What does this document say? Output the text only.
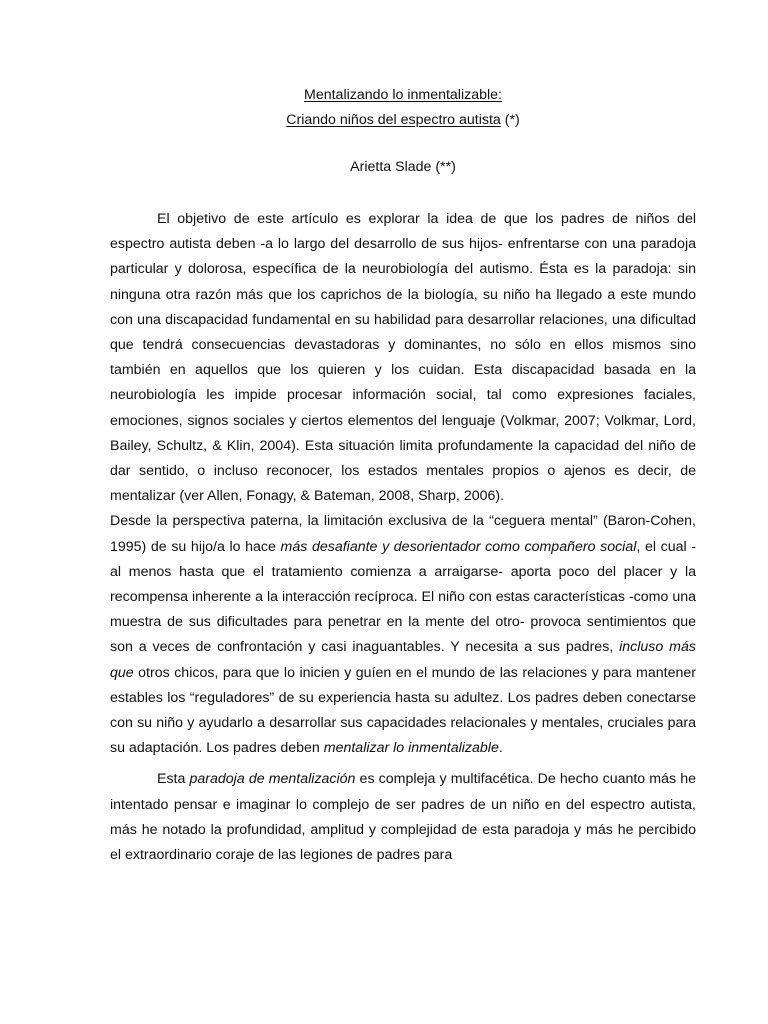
Mentalizando lo inmentalizable:
Criando niños del espectro autista (*)
Arietta Slade (**)

El objetivo de este artículo es explorar la idea de que los padres de niños del espectro autista deben -a lo largo del desarrollo de sus hijos- enfrentarse con una paradoja particular y dolorosa, específica de la neurobiología del autismo. Ésta es la paradoja: sin ninguna otra razón más que los caprichos de la biología, su niño ha llegado a este mundo con una discapacidad fundamental en su habilidad para desarrollar relaciones, una dificultad que tendrá consecuencias devastadoras y dominantes, no sólo en ellos mismos sino también en aquellos que los quieren y los cuidan. Esta discapacidad basada en la neurobiología les impide procesar información social, tal como expresiones faciales, emociones, signos sociales y ciertos elementos del lenguaje (Volkmar, 2007; Volkmar, Lord, Bailey, Schultz, & Klin, 2004). Esta situación limita profundamente la capacidad del niño de dar sentido, o incluso reconocer, los estados mentales propios o ajenos es decir, de mentalizar (ver Allen, Fonagy, & Bateman, 2008, Sharp, 2006).

Desde la perspectiva paterna, la limitación exclusiva de la “ceguera mental” (Baron-Cohen, 1995) de su hijo/a lo hace más desafiante y desorientador como compañero social, el cual -al menos hasta que el tratamiento comienza a arraigarse- aporta poco del placer y la recompensa inherente a la interacción recíproca. El niño con estas características -como una muestra de sus dificultades para penetrar en la mente del otro- provoca sentimientos que son a veces de confrontación y casi inaguantables. Y necesita a sus padres, incluso más que otros chicos, para que lo inicien y guíen en el mundo de las relaciones y para mantener estables los “reguladores” de su experiencia hasta su adultez. Los padres deben conectarse con su niño y ayudarlo a desarrollar sus capacidades relacionales y mentales, cruciales para su adaptación. Los padres deben mentalizar lo inmentalizable.

Esta paradoja de mentalización es compleja y multifacética. De hecho cuanto más he intentado pensar e imaginar lo complejo de ser padres de un niño en del espectro autista, más he notado la profundidad, amplitud y complejidad de esta paradoja y más he percibido el extraordinario coraje de las legiones de padres para
